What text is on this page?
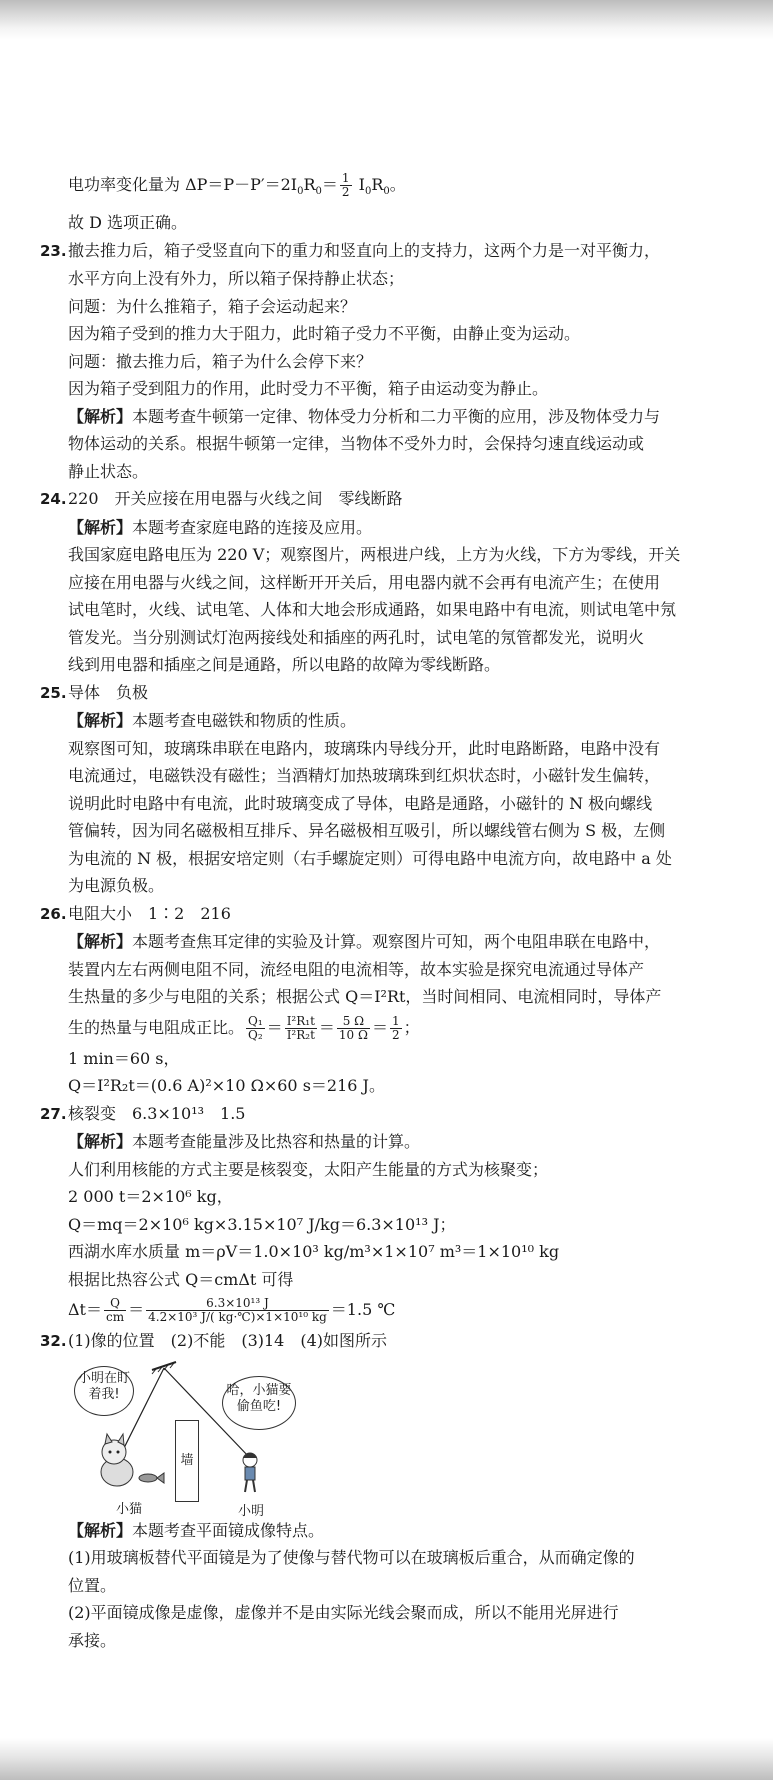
电功率变化量为 $\Delta P=P-P'=2I_0R_0= \frac{1}{2} I_0R_0$。
故 D 选项正确。
23.撤去推力后，箱子受竖直向下的重力和竖直向上的支持力，这两个力是一对平衡力，
水平方向上没有外力，所以箱子保持静止状态；
问题：为什么推箱子，箱子会运动起来？
因为箱子受到的推力大于阻力，此时箱子受力不平衡，由静止变为运动。
问题：撤去推力后，箱子为什么会停下来？
因为箱子受到阻力的作用，此时受力不平衡，箱子由运动变为静止。
【解析】本题考查牛顿第一定律、物体受力分析和二力平衡的应用，涉及物体受力与
物体运动的关系。根据牛顿第一定律，当物体不受外力时，会保持匀速直线运动或
静止状态。
24.220　开关应接在用电器与火线之间　零线断路
【解析】本题考查家庭电路的连接及应用。
我国家庭电路电压为 220 V；观察图片，两根进户线，上方为火线，下方为零线，开关
应接在用电器与火线之间，这样断开开关后，用电器内就不会再有电流产生；在使用
试电笔时，火线、试电笔、人体和大地会形成通路，如果电路中有电流，则试电笔中氖
管发光。当分别测试灯泡两接线处和插座的两孔时，试电笔的氖管都发光，说明火
线到用电器和插座之间是通路，所以电路的故障为零线断路。
25.导体　负极
【解析】本题考查电磁铁和物质的性质。
观察图可知，玻璃珠串联在电路内，玻璃珠内导线分开，此时电路断路，电路中没有
电流通过，电磁铁没有磁性；当酒精灯加热玻璃珠到红炽状态时，小磁针发生偏转，
说明此时电路中有电流，此时玻璃变成了导体，电路是通路，小磁针的 N 极向螺线
管偏转，因为同名磁极相互排斥、异名磁极相互吸引，所以螺线管右侧为 S 极，左侧
为电流的 N 极，根据安培定则（右手螺旋定则）可得电路中电流方向，故电路中 a 处
为电源负极。
26.电阻大小　1∶2　216
【解析】本题考查焦耳定律的实验及计算。观察图片可知，两个电阻串联在电路中，
装置内左右两侧电阻不同，流经电阻的电流相等，故本实验是探究电流通过导体产
生热量的多少与电阻的关系；根据公式 Q＝I²Rt，当时间相同、电流相同时，导体产
生的热量与电阻成正比。 $\frac{\text{Q₁}}{\text{Q₂}} = \frac{\text{I²R₁t}}{\text{I²R₂t}} = \frac{5 \Omega}{10 \Omega} = \frac{1}{2}$ ；
1 min＝60 s，
Q＝I²R₂t＝(0.6 A)²×10 Ω×60 s＝216 J。
27.核裂变　6.3×10¹³　1.5
【解析】本题考查能量涉及比热容和热量的计算。
人们利用核能的方式主要是核裂变，太阳产生能量的方式为核聚变；
2 000 t＝2×10⁶ kg，
Q＝mq＝2×10⁶ kg×3.15×10⁷ J/kg＝6.3×10¹³ J；
西湖水库水质量 m＝ρV＝1.0×10³ kg/m³×1×10⁷ m³＝1×10¹⁰ kg
根据比热容公式 Q＝cmΔt 可得
$\Delta t= \frac{Q}{cm} = \frac{\text{6.3×10¹³ J}}{\text{4.2×10³ J/( kg·℃)×1×10¹⁰ kg}} =1.5$ ℃
32.(1)像的位置　(2)不能　(3)14　(4)如图所示
小明在盯着我!	哈，小猫要偷鱼吃!
墙
小猫	小明
【解析】本题考查平面镜成像特点。
(1)用玻璃板替代平面镜是为了使像与替代物可以在玻璃板后重合，从而确定像的
位置。
(2)平面镜成像是虚像，虚像并不是由实际光线会聚而成，所以不能用光屏进行
承接。
